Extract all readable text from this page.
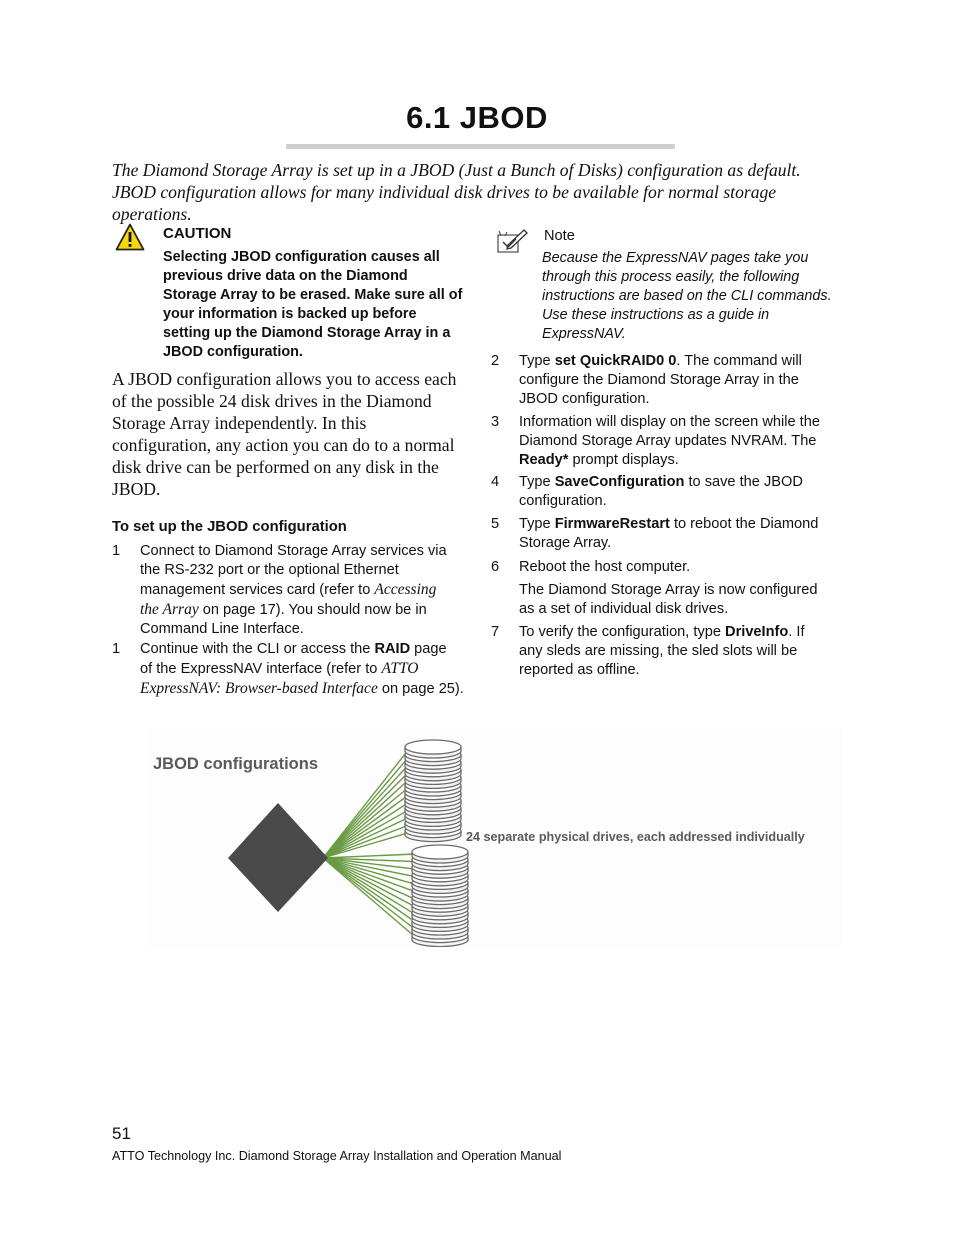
6.1 JBOD
The Diamond Storage Array is set up in a JBOD (Just a Bunch of Disks) configuration as default. JBOD configuration allows for many individual disk drives to be available for normal storage operations.
CAUTION
Selecting JBOD configuration causes all
previous drive data on the Diamond
Storage Array to be erased. Make sure all of
your information is backed up before
setting up the Diamond Storage Array in a
JBOD configuration.
A JBOD configuration allows you to access each
of the possible 24 disk drives in the Diamond
Storage Array independently. In this
configuration, any action you can do to a normal
disk drive can be performed on any disk in the
JBOD.
To set up the JBOD configuration
1 Connect to Diamond Storage Array services via
the RS-232 port or the optional Ethernet
management services card (refer to Accessing
the Array on page 17). You should now be in
Command Line Interface.
1 Continue with the CLI or access the RAID page
of the ExpressNAV interface (refer to ATTO
ExpressNAV: Browser-based Interface on page 25).
Note
Because the ExpressNAV pages take you
through this process easily, the following
instructions are based on the CLI commands.
Use these instructions as a guide in
ExpressNAV.
2 Type set QuickRAID0 0. The command will
configure the Diamond Storage Array in the
JBOD configuration.
3 Information will display on the screen while the
Diamond Storage Array updates NVRAM. The
Ready* prompt displays.
4 Type SaveConfiguration to save the JBOD
configuration.
5 Type FirmwareRestart to reboot the Diamond
Storage Array.
6 Reboot the host computer.
The Diamond Storage Array is now configured
as a set of individual disk drives.
7 To verify the configuration, type DriveInfo. If
any sleds are missing, the sled slots will be
reported as offline.
JBOD configurations
24 separate physical drives, each addressed individually
51
ATTO Technology Inc. Diamond Storage Array Installation and Operation Manual
